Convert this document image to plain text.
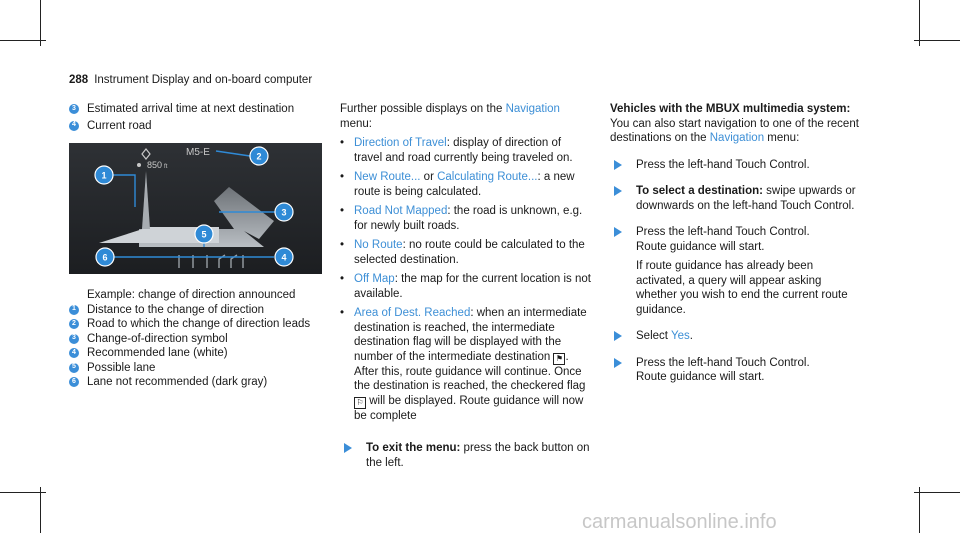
288 Instrument Display and on-board computer
3 Estimated arrival time at next destination
4 Current road
850 ft
M5-E
1
2
3
4
5
6
Example: change of direction announced
1 Distance to the change of direction
2 Road to which the change of direction leads
3 Change-of-direction symbol
4 Recommended lane (white)
5 Possible lane
6 Lane not recommended (dark gray)
Further possible displays on the Navigation menu:
• Direction of Travel: display of direction of travel and road currently being traveled on.
• New Route... or Calculating Route...: a new route is being calculated.
• Road Not Mapped: the road is unknown, e.g. for newly built roads.
• No Route: no route could be calculated to the selected destination.
• Off Map: the map for the current location is not available.
• Area of Dest. Reached: when an intermediate destination is reached, the intermediate destination flag will be displayed with the number of the intermediate destination ⚑ . After this, route guidance will continue. Once the destination is reached, the checkered flag ⚐ will be displayed. Route guidance will now be complete
To exit the menu: press the back button on the left.
Vehicles with the MBUX multimedia system:
You can also start navigation to one of the recent destinations on the Navigation menu:
Press the left-hand Touch Control.
To select a destination: swipe upwards or downwards on the left-hand Touch Control.
Press the left-hand Touch Control.
Route guidance will start.

If route guidance has already been activated, a query will appear asking whether you wish to end the current route guidance.
Select Yes.
Press the left-hand Touch Control.
Route guidance will start.
carmanualsonline.info
